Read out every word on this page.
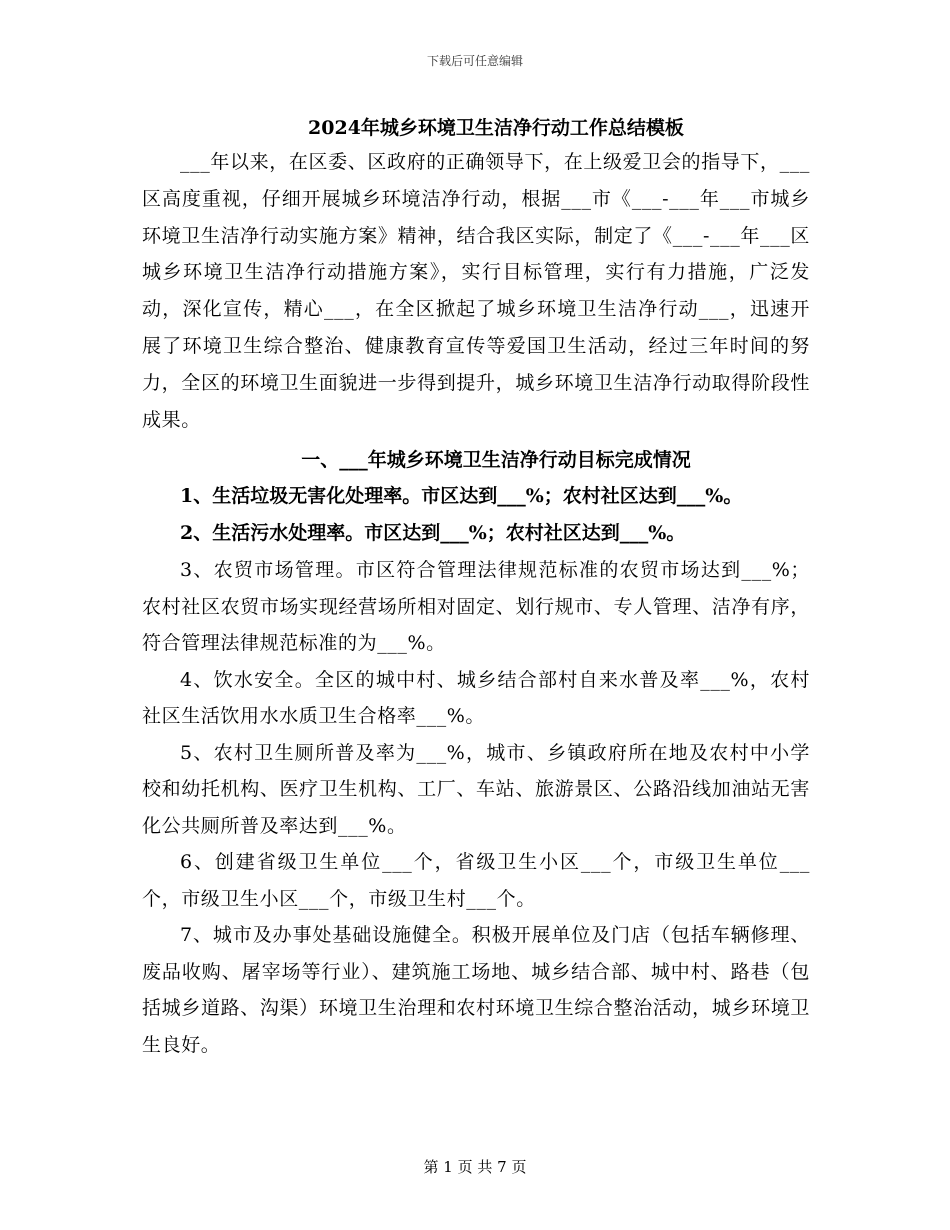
下载后可任意编辑
2024年城乡环境卫生洁净行动工作总结模板

___年以来，在区委、区政府的正确领导下，在上级爱卫会的指导下，___区高度重视，仔细开展城乡环境洁净行动，根据___市《___-___年___市城乡环境卫生洁净行动实施方案》精神，结合我区实际，制定了《___-___年___区城乡环境卫生洁净行动措施方案》，实行目标管理，实行有力措施，广泛发动，深化宣传，精心___，在全区掀起了城乡环境卫生洁净行动___，迅速开展了环境卫生综合整治、健康教育宣传等爱国卫生活动，经过三年时间的努力，全区的环境卫生面貌进一步得到提升，城乡环境卫生洁净行动取得阶段性成果。

一、___年城乡环境卫生洁净行动目标完成情况

1、生活垃圾无害化处理率。市区达到___%；农村社区达到___%。

2、生活污水处理率。市区达到___%；农村社区达到___%。

3、农贸市场管理。市区符合管理法律规范标准的农贸市场达到___%；农村社区农贸市场实现经营场所相对固定、划行规市、专人管理、洁净有序，符合管理法律规范标准的为___%。

4、饮水安全。全区的城中村、城乡结合部村自来水普及率___%，农村社区生活饮用水水质卫生合格率___%。

5、农村卫生厕所普及率为___%，城市、乡镇政府所在地及农村中小学校和幼托机构、医疗卫生机构、工厂、车站、旅游景区、公路沿线加油站无害化公共厕所普及率达到___%。

6、创建省级卫生单位___个，省级卫生小区___个，市级卫生单位___个，市级卫生小区___个，市级卫生村___个。

7、城市及办事处基础设施健全。积极开展单位及门店（包括车辆修理、废品收购、屠宰场等行业）、建筑施工场地、城乡结合部、城中村、路巷（包括城乡道路、沟渠）环境卫生治理和农村环境卫生综合整治活动，城乡环境卫生良好。

第 1 页 共 7 页
